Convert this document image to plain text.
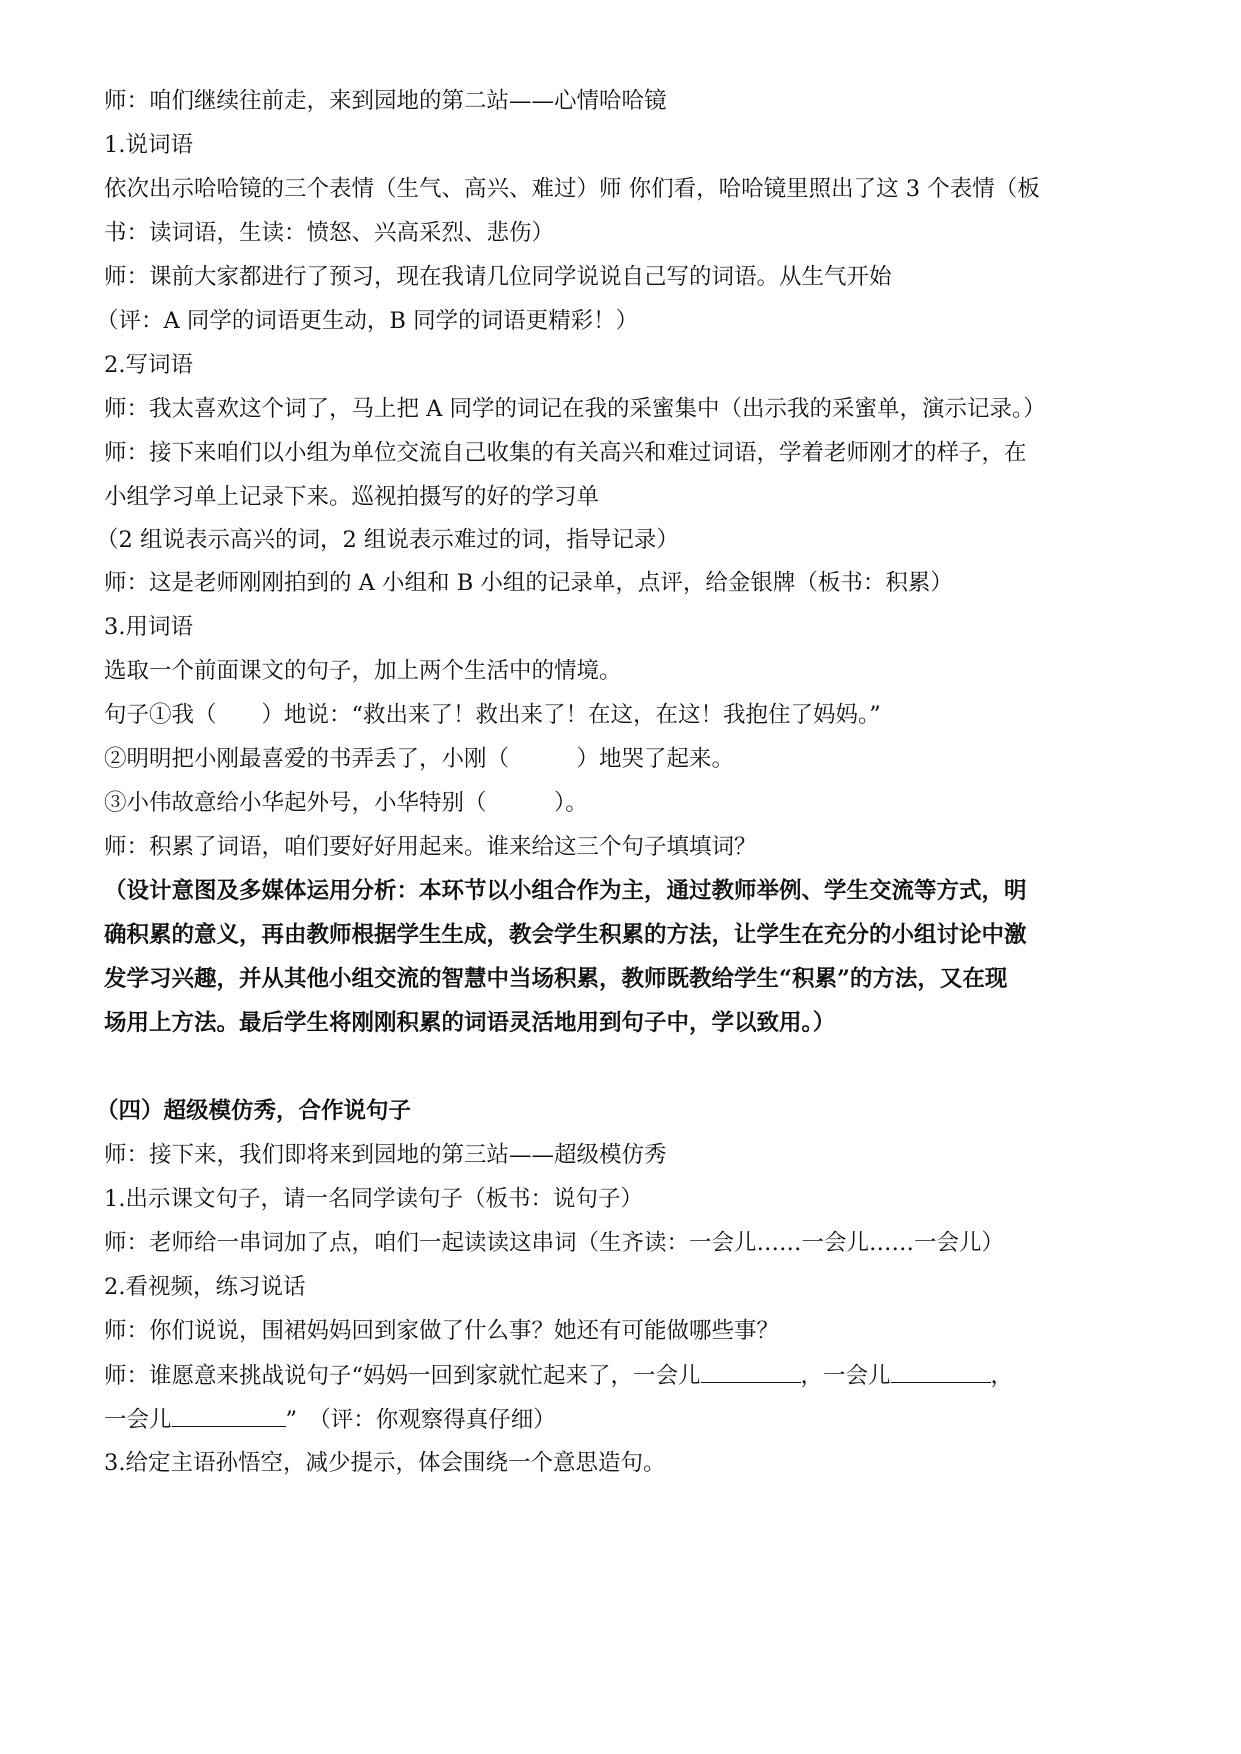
师：咱们继续往前走，来到园地的第二站——心情哈哈镜
1.说词语
依次出示哈哈镜的三个表情（生气、高兴、难过）师 你们看，哈哈镜里照出了这 3 个表情（板
书：读词语，生读：愤怒、兴高采烈、悲伤）
师：课前大家都进行了预习，现在我请几位同学说说自己写的词语。从生气开始
（评：A 同学的词语更生动，B 同学的词语更精彩！）
2.写词语
师：我太喜欢这个词了，马上把 A 同学的词记在我的采蜜集中（出示我的采蜜单，演示记录。）
师：接下来咱们以小组为单位交流自己收集的有关高兴和难过词语，学着老师刚才的样子，在
小组学习单上记录下来。巡视拍摄写的好的学习单
（2 组说表示高兴的词，2 组说表示难过的词，指导记录）
师：这是老师刚刚拍到的 A 小组和 B 小组的记录单，点评，给金银牌（板书：积累）
3.用词语
选取一个前面课文的句子，加上两个生活中的情境。
句子①我（　　）地说：“救出来了！救出来了！在这，在这！我抱住了妈妈。”
②明明把小刚最喜爱的书弄丢了，小刚（　　　）地哭了起来。
③小伟故意给小华起外号，小华特别（　　　）。
师：积累了词语，咱们要好好用起来。谁来给这三个句子填填词？
（设计意图及多媒体运用分析：本环节以小组合作为主，通过教师举例、学生交流等方式，明
确积累的意义，再由教师根据学生生成，教会学生积累的方法，让学生在充分的小组讨论中激
发学习兴趣，并从其他小组交流的智慧中当场积累，教师既教给学生“积累”的方法，又在现
场用上方法。最后学生将刚刚积累的词语灵活地用到句子中，学以致用。）
（四）超级模仿秀，合作说句子
师：接下来，我们即将来到园地的第三站——超级模仿秀
1.出示课文句子，请一名同学读句子（板书：说句子）
师：老师给一串词加了点，咱们一起读读这串词（生齐读：一会儿……一会儿……一会儿）
2.看视频，练习说话
师：你们说说，围裙妈妈回到家做了什么事？她还有可能做哪些事？
师：谁愿意来挑战说句子“妈妈一回到家就忙起来了，一会儿	，一会儿	，
一会儿	”　（评：你观察得真仔细）
3.给定主语孙悟空，减少提示，体会围绕一个意思造句。
